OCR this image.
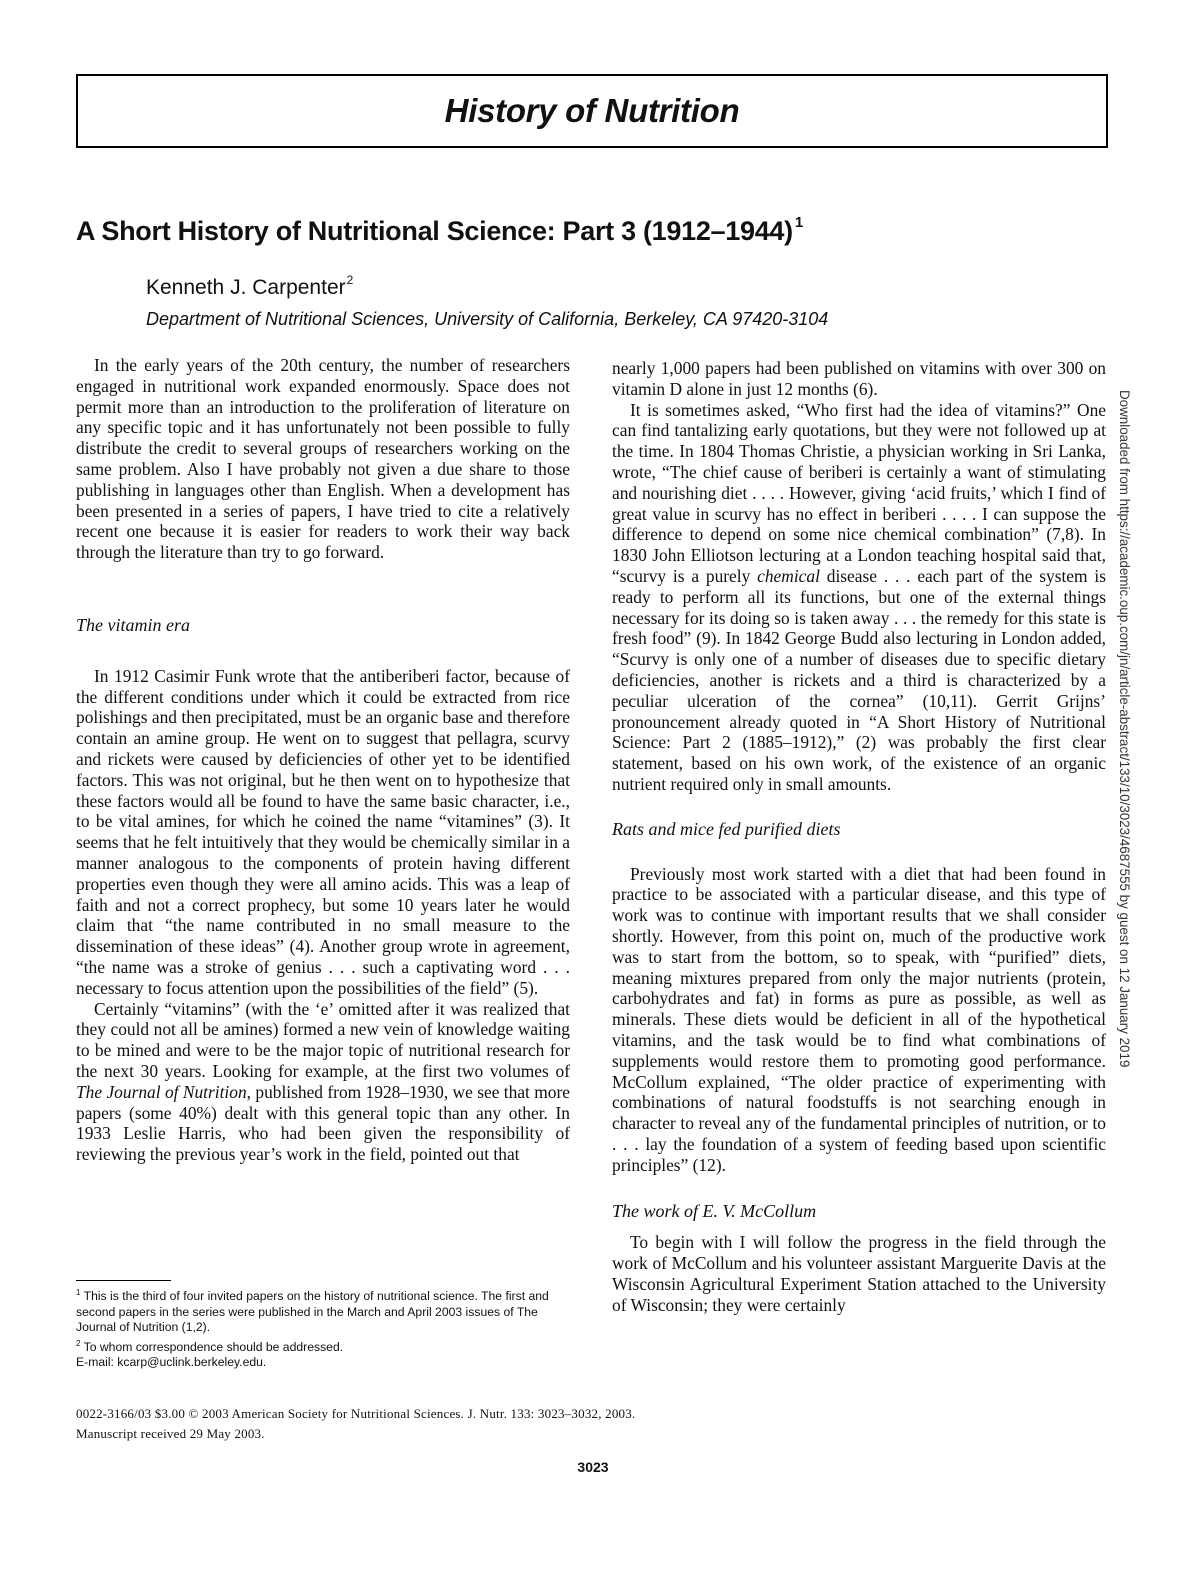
History of Nutrition
A Short History of Nutritional Science: Part 3 (1912–1944) $^1$
Kenneth J. Carpenter$^2$
Department of Nutritional Sciences, University of California, Berkeley, CA 97420-3104

In the early years of the 20th century, the number of researchers engaged in nutritional work expanded enormously. Space does not permit more than an introduction to the proliferation of literature on any specific topic and it has unfortunately not been possible to fully distribute the credit to several groups of researchers working on the same problem. Also I have probably not given a due share to those publishing in languages other than English. When a development has been presented in a series of papers, I have tried to cite a relatively recent one because it is easier for readers to work their way back through the literature than try to go forward.

The vitamin era

In 1912 Casimir Funk wrote that the antiberiberi factor, because of the different conditions under which it could be extracted from rice polishings and then precipitated, must be an organic base and therefore contain an amine group. He went on to suggest that pellagra, scurvy and rickets were caused by deficiencies of other yet to be identified factors. This was not original, but he then went on to hypothesize that these factors would all be found to have the same basic character, i.e., to be vital amines, for which he coined the name “vitamines” (3). It seems that he felt intuitively that they would be chemically similar in a manner analogous to the components of protein having different properties even though they were all amino acids. This was a leap of faith and not a correct prophecy, but some 10 years later he would claim that “the name contributed in no small measure to the dissemination of these ideas” (4). Another group wrote in agreement, “the name was a stroke of genius . . . such a captivating word . . . necessary to focus attention upon the possibilities of the field” (5).

Certainly “vitamins” (with the ‘e’ omitted after it was realized that they could not all be amines) formed a new vein of knowledge waiting to be mined and were to be the major topic of nutritional research for the next 30 years. Looking for example, at the first two volumes of The Journal of Nutrition, published from 1928–1930, we see that more papers (some 40%) dealt with this general topic than any other. In 1933 Leslie Harris, who had been given the responsibility of reviewing the previous year’s work in the field, pointed out that

nearly 1,000 papers had been published on vitamins with over 300 on vitamin D alone in just 12 months (6).

It is sometimes asked, “Who first had the idea of vitamins?” One can find tantalizing early quotations, but they were not followed up at the time. In 1804 Thomas Christie, a physician working in Sri Lanka, wrote, “The chief cause of beriberi is certainly a want of stimulating and nourishing diet . . . . However, giving ‘acid fruits,’ which I find of great value in scurvy has no effect in beriberi . . . . I can suppose the difference to depend on some nice chemical combination” (7,8). In 1830 John Elliotson lecturing at a London teaching hospital said that, “scurvy is a purely chemical disease . . . each part of the system is ready to perform all its functions, but one of the external things necessary for its doing so is taken away . . . the remedy for this state is fresh food” (9). In 1842 George Budd also lecturing in London added, “Scurvy is only one of a number of diseases due to specific dietary deficiencies, another is rickets and a third is characterized by a peculiar ulceration of the cornea” (10,11). Gerrit Grijns’ pronouncement already quoted in “A Short History of Nutritional Science: Part 2 (1885–1912),” (2) was probably the first clear statement, based on his own work, of the existence of an organic nutrient required only in small amounts.

Rats and mice fed purified diets

Previously most work started with a diet that had been found in practice to be associated with a particular disease, and this type of work was to continue with important results that we shall consider shortly. However, from this point on, much of the productive work was to start from the bottom, so to speak, with “purified” diets, meaning mixtures prepared from only the major nutrients (protein, carbohydrates and fat) in forms as pure as possible, as well as minerals. These diets would be deficient in all of the hypothetical vitamins, and the task would be to find what combinations of supplements would restore them to promoting good performance. McCollum explained, “The older practice of experimenting with combinations of natural foodstuffs is not searching enough in character to reveal any of the fundamental principles of nutrition, or to . . . lay the foundation of a system of feeding based upon scientific principles” (12).

The work of E. V. McCollum

To begin with I will follow the progress in the field through the work of McCollum and his volunteer assistant Marguerite Davis at the Wisconsin Agricultural Experiment Station attached to the University of Wisconsin; they were certainly

$^1$ This is the third of four invited papers on the history of nutritional science. The first and second papers in the series were published in the March and April 2003 issues of The Journal of Nutrition (1,2).

$^2$ To whom correspondence should be addressed.

E-mail: kcarp@uclink.berkeley.edu.

0022-3166/03 $3.00 © 2003 American Society for Nutritional Sciences. J. Nutr. 133: 3023–3032, 2003.

Manuscript received 29 May 2003.

3023
Downloaded from https://academic.oup.com/jn/article-abstract/133/10/3023/4687555 by guest on 12 January 2019
